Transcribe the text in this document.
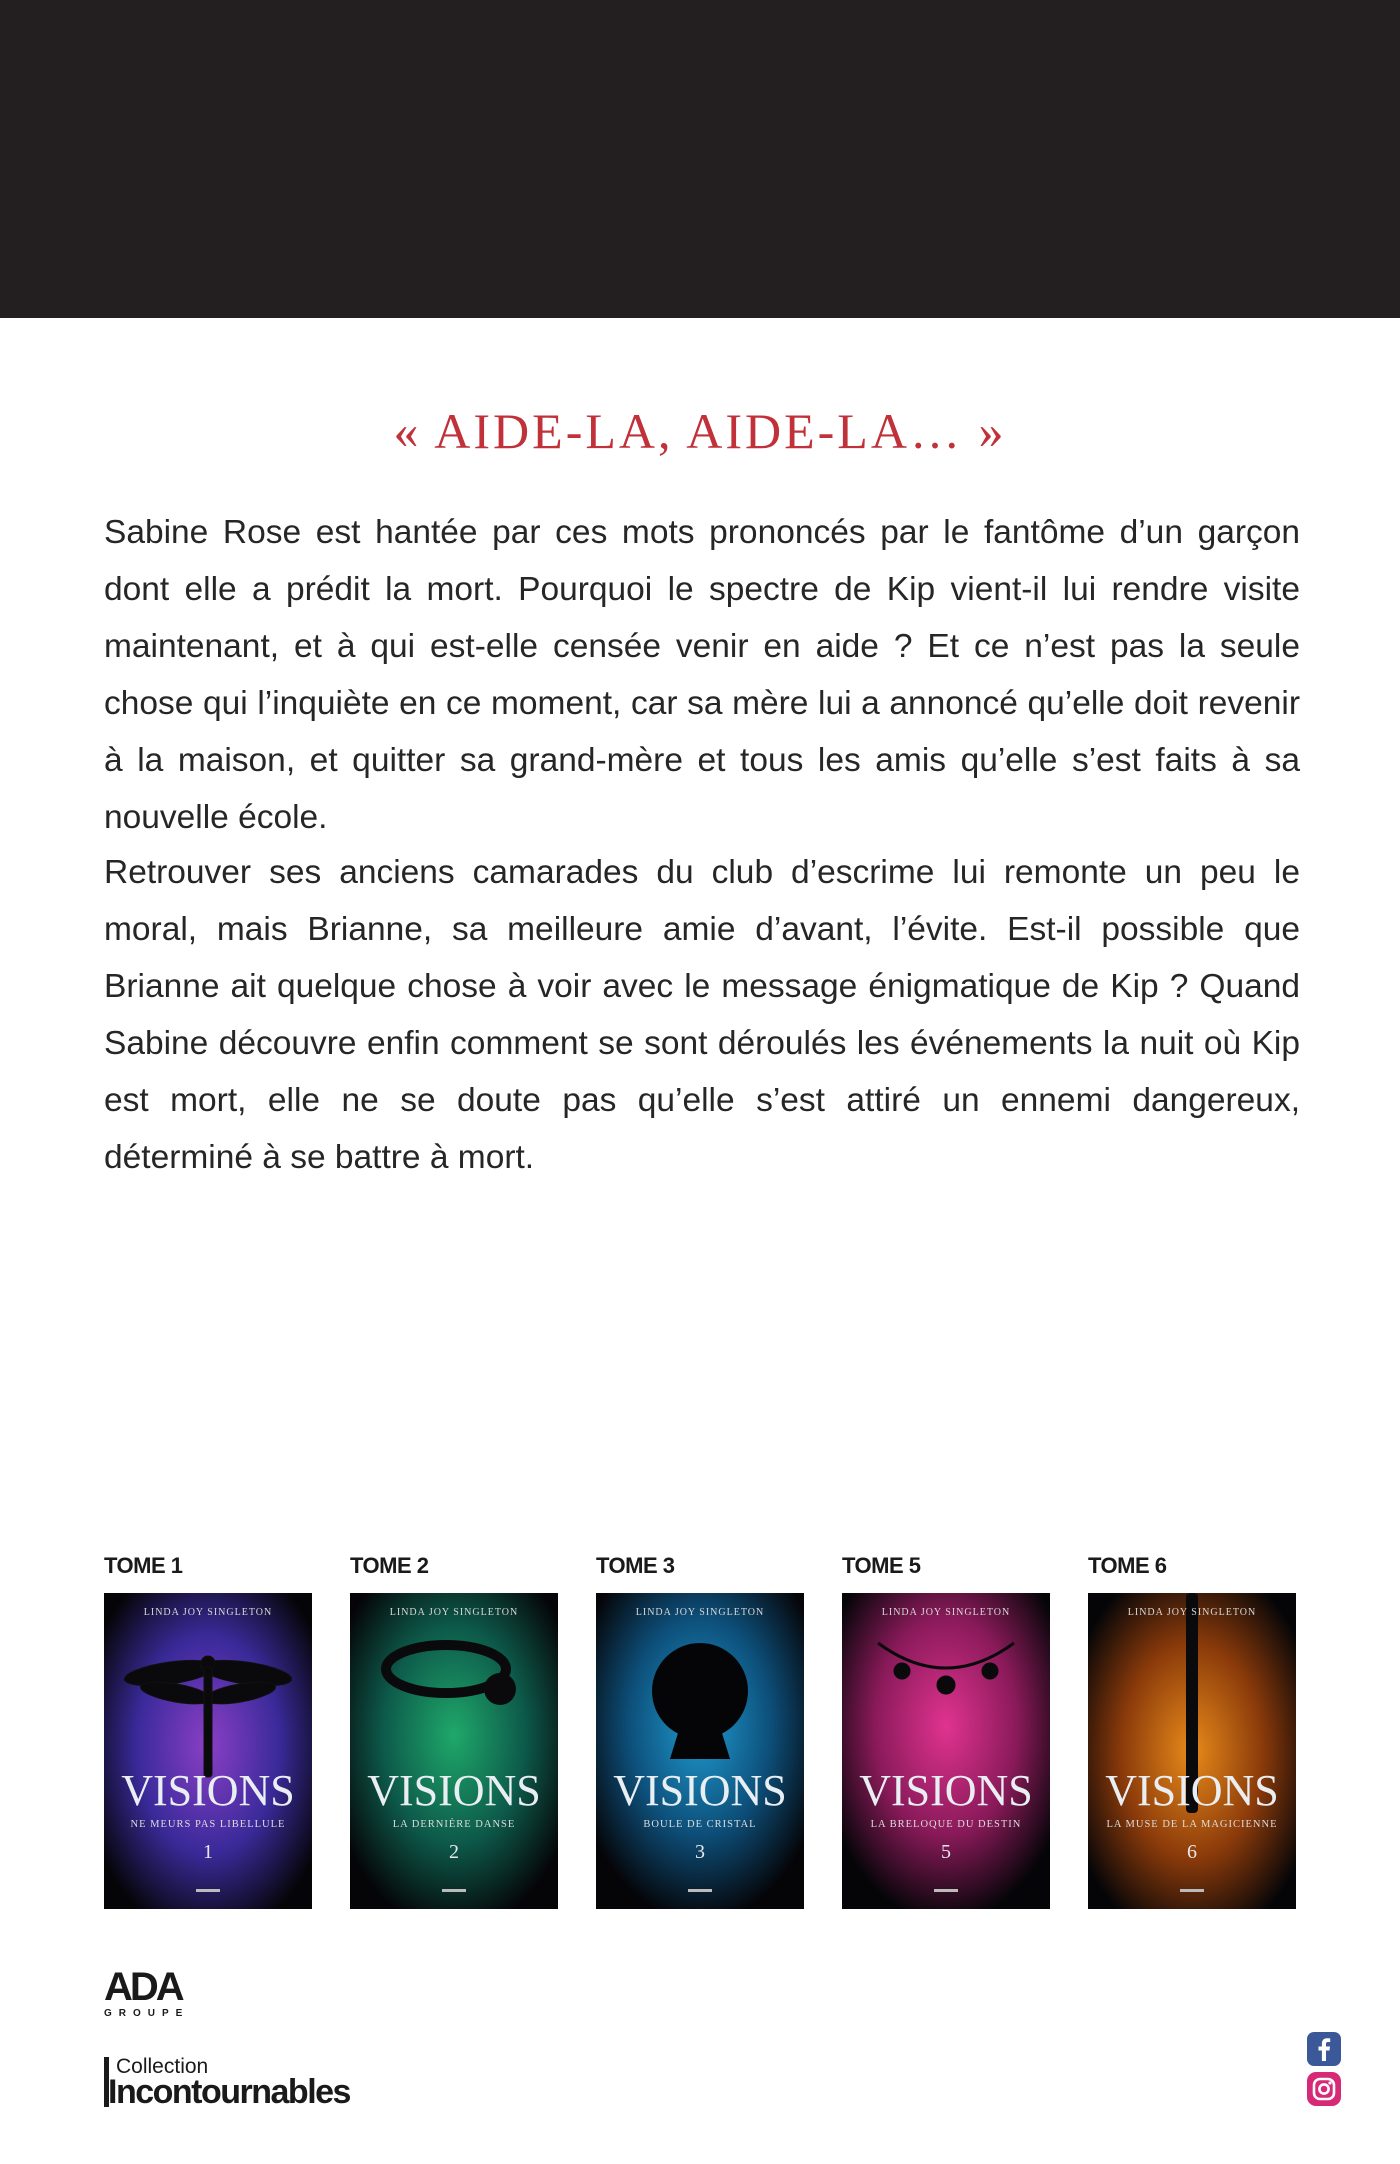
« AIDE-LA, AIDE-LA… »

Sabine Rose est hantée par ces mots prononcés par le fantôme d’un garçon dont elle a prédit la mort. Pourquoi le spectre de Kip vient-il lui rendre visite maintenant, et à qui est-elle censée venir en aide ? Et ce n’est pas la seule chose qui l’inquiète en ce moment, car sa mère lui a annoncé qu’elle doit revenir à la maison, et quitter sa grand-mère et tous les amis qu’elle s’est faits à sa nouvelle école.

Retrouver ses anciens camarades du club d’escrime lui remonte un peu le moral, mais Brianne, sa meilleure amie d’avant, l’évite. Est-il possible que Brianne ait quelque chose à voir avec le message énigmatique de Kip ? Quand Sabine découvre enfin comment se sont déroulés les événements la nuit où Kip est mort, elle ne se doute pas qu’elle s’est attiré un ennemi dangereux, déterminé à se battre à mort.

TOME 1
LINDA JOY SINGLETON
VISIONS
NE MEURS PAS LIBELLULE
1
TOME 2
LINDA JOY SINGLETON
VISIONS
LA DERNIÈRE DANSE
2
TOME 3
LINDA JOY SINGLETON
VISIONS
BOULE DE CRISTAL
3
TOME 5
LINDA JOY SINGLETON
VISIONS
LA BRELOQUE DU DESTIN
5
TOME 6
LINDA JOY SINGLETON
VISIONS
LA MUSE DE LA MAGICIENNE
6
ADA
GROUPE
Collection
Incontournables
